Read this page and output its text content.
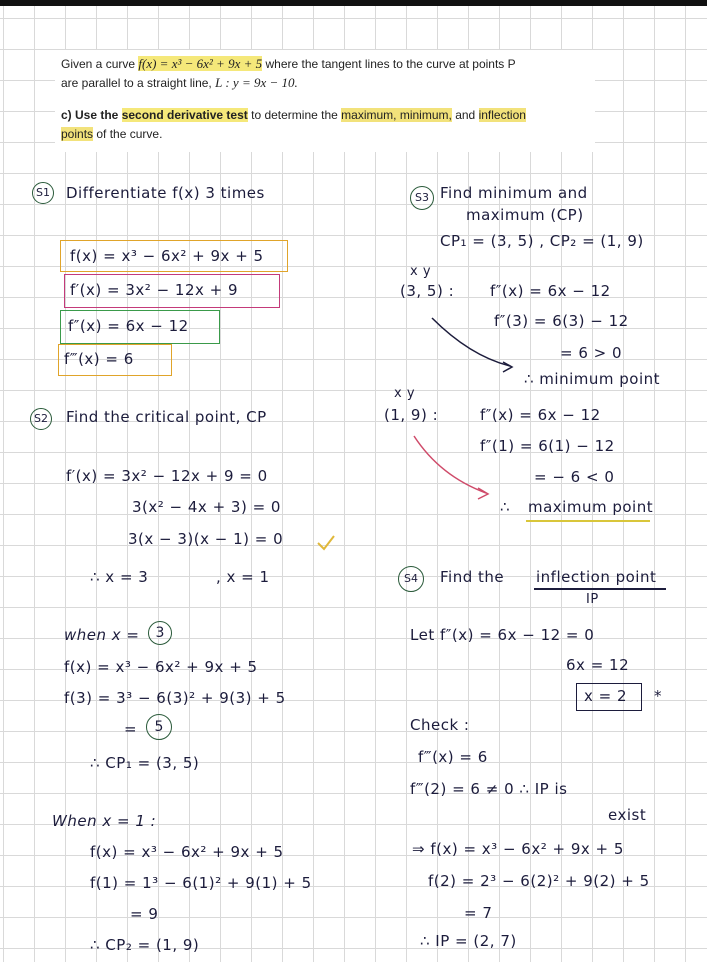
Given a curve f(x) = x³ − 6x² + 9x + 5 where the tangent lines to the curve at points P
are parallel to a straight line, L : y = 9x − 10.
c) Use the second derivative test to determine the maximum, minimum, and inflection
points of the curve.
S1 Differentiate f(x) 3 times
f(x) = x³ − 6x² + 9x + 5
f′(x) = 3x² − 12x + 9
f″(x) = 6x − 12
f‴(x) = 6
S2 Find the critical point, CP
f′(x) = 3x² − 12x + 9 = 0
3(x² − 4x + 3) = 0
3(x − 3)(x − 1) = 0
∴ x = 3	, x = 1
when x =	3
f(x) = x³ − 6x² + 9x + 5
f(3) = 3³ − 6(3)² + 9(3) + 5
=	5
∴ CP₁ = (3, 5)
When x = 1 :
f(x) = x³ − 6x² + 9x + 5
f(1) = 1³ − 6(1)² + 9(1) + 5
= 9
∴ CP₂ = (1, 9)
S3 Find minimum and
maximum (CP)
CP₁ = (3, 5) , CP₂ = (1, 9)
x y
(3, 5) : f″(x) = 6x − 12
f″(3) = 6(3) − 12
= 6 > 0
∴ minimum point
x y
(1, 9) :	f″(x) = 6x − 12
f″(1) = 6(1) − 12
= − 6 < 0
∴ maximum point
S4	Find the inflection point
IP
Let f″(x) = 6x − 12 = 0
6x = 12
x = 2 *
Check :
f‴(x) = 6
f‴(2) = 6 ≠ 0 ∴ IP is
exist
⇒ f(x) = x³ − 6x² + 9x + 5
f(2) = 2³ − 6(2)² + 9(2) + 5
= 7
∴ IP = (2, 7)
